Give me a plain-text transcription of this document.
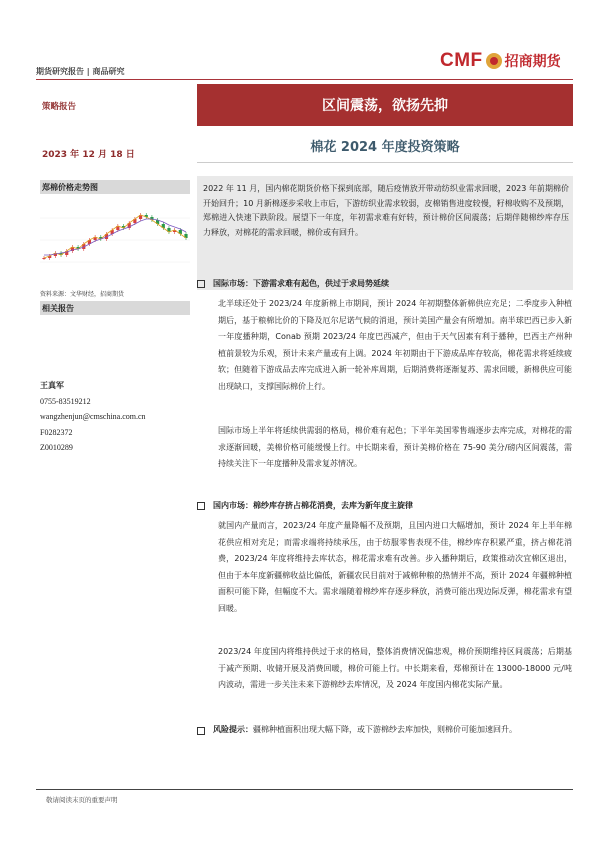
期货研究报告 | 商品研究
CMF 招商期货
策略报告	区间震荡，欲扬先抑
2023 年 12 月 18 日
棉花 2024 年度投资策略
郑棉价格走势图
资料来源：文华财经，招商期货
相关报告
王真军
0755-83519212
wangzhenjun@cmschina.com.cn
F0282372
Z0010289

2022 年 11 月，国内棉花期货价格下探到底部，随后疫情放开带动纺织业需求回暖，2023 年前期棉价开始回升；10 月新棉逐步采收上市后，下游纺织业需求较弱，皮棉销售进度较慢，籽棉收购不及预期，郑棉进入快速下跌阶段。展望下一年度，年初需求难有好转，预计棉价区间震荡；后期伴随棉纱库存压力释放，对棉花的需求回暖，棉价或有回升。

国际市场：下游需求难有起色，供过于求局势延续

北半球还处于 2023/24 年度新棉上市期间，预计 2024 年初期整体新棉供应充足；二季度步入种植期后，基于粮棉比价的下降及厄尔尼诺气候的消退，预计美国产量会有所增加。南半球巴西已步入新一年度播种期，Conab 预期 2023/24 年度巴西减产，但由于天气因素有利于播种，巴西主产州种植前景较为乐观，预计未来产量或有上调。2024 年初期由于下游成品库存较高，棉花需求将延续疲软；但随着下游成品去库完成进入新一轮补库周期，后期消费将逐渐复苏、需求回暖，新棉供应可能出现缺口，支撑国际棉价上行。

国际市场上半年将延续供需弱的格局，棉价难有起色；下半年美国零售端逐步去库完成，对棉花的需求逐渐回暖，美棉价格可能缓慢上行。中长期来看，预计美棉价格在 75-90 美分/磅内区间震荡，需持续关注下一年度播种及需求复苏情况。

国内市场：棉纱库存挤占棉花消费，去库为新年度主旋律

就国内产量而言，2023/24 年度产量降幅不及预期，且国内进口大幅增加，预计 2024 年上半年棉花供应相对充足；而需求端将持续承压，由于纺服零售表现不佳，棉纱库存积累严重，挤占棉花消费，2023/24 年度将维持去库状态，棉花需求难有改善。步入播种期后，政策推动次宜棉区退出，但由于本年度新疆棉收益比偏低，新疆农民目前对于减棉种粮的热情并不高，预计 2024 年疆棉种植面积可能下降，但幅度不大。需求端随着棉纱库存逐步释放，消费可能出现边际反弹，棉花需求有望回暖。

2023/24 年度国内将维持供过于求的格局，整体消费情况偏悲观，棉价预期维持区间震荡；后期基于减产预期、收储开展及消费回暖，棉价可能上行。中长期来看，郑棉预计在 13000-18000 元/吨内波动，需进一步关注未来下游棉纱去库情况，及 2024 年度国内棉花实际产量。

风险提示：疆棉种植面积出现大幅下降，或下游棉纱去库加快，则棉价可能加速回升。
敬请阅读末页的重要声明
